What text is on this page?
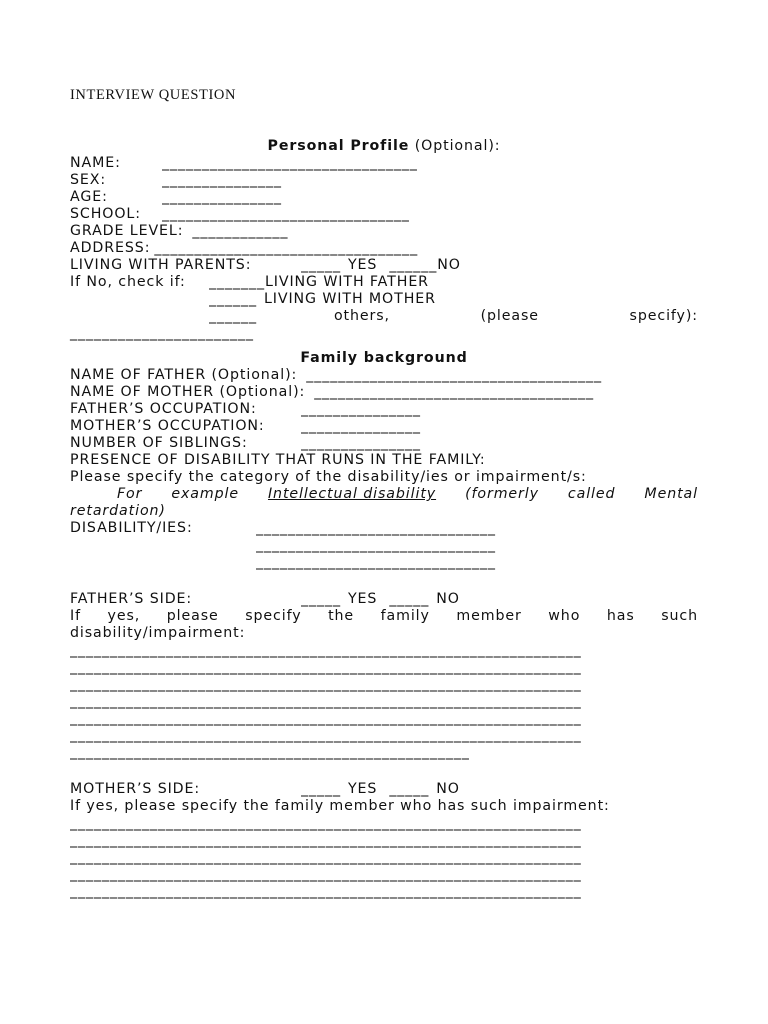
INTERVIEW QUESTION

Personal Profile (Optional):
NAME:	________________________________
SEX:	_______________
AGE:	_______________
SCHOOL:	_______________________________
GRADE LEVEL: ____________
ADDRESS: _________________________________
LIVING WITH PARENTS:	_____ YES ______ NO
If No, check if:	_______ LIVING WITH FATHER
______ LIVING WITH MOTHER
______	others,	(please	specify):
_______________________
Family background
NAME OF FATHER (Optional): _____________________________________
NAME OF MOTHER (Optional): ___________________________________
FATHER’S OCCUPATION:	_______________
MOTHER’S OCCUPATION:	_______________
NUMBER OF SIBLINGS:	_______________
PRESENCE OF DISABILITY THAT RUNS IN THE FAMILY:
Please specify the category of the disability/ies or impairment/s:
For example Intellectual disability (formerly called Mental
retardation)
DISABILITY/IES:	______________________________
______________________________
______________________________
FATHER’S SIDE:	_____ YES _____ NO
If yes, please specify the family member who has such
disability/impairment:
________________________________________________________________
________________________________________________________________
________________________________________________________________
________________________________________________________________
________________________________________________________________
________________________________________________________________
__________________________________________________
MOTHER’S SIDE:	_____ YES _____ NO
If yes, please specify the family member who has such impairment:
________________________________________________________________
________________________________________________________________
________________________________________________________________
________________________________________________________________
________________________________________________________________
